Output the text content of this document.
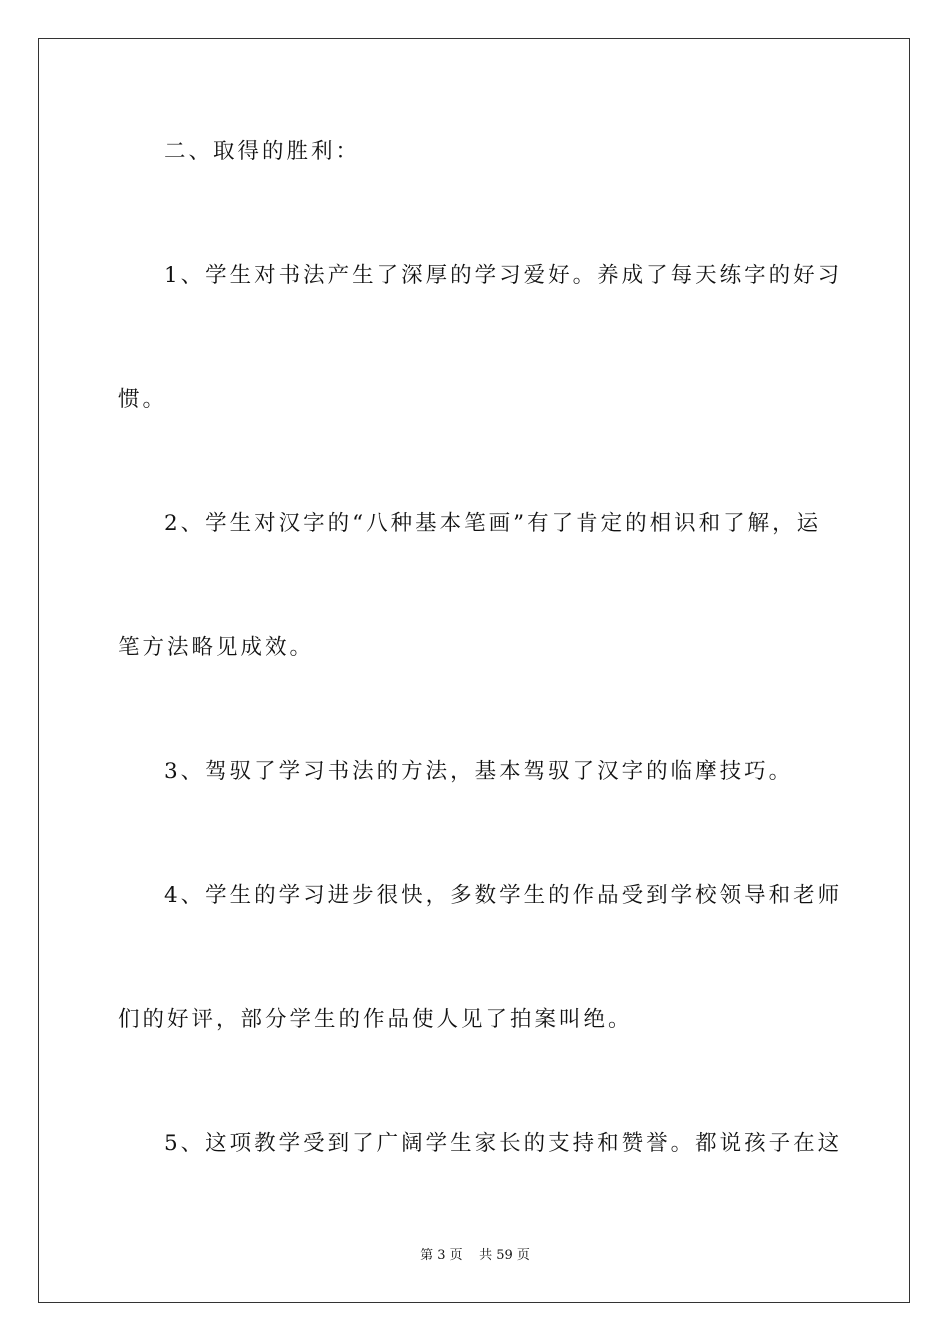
二、取得的胜利：
1、学生对书法产生了深厚的学习爱好。养成了每天练字的好习
惯。
2、学生对汉字的“八种基本笔画”有了肯定的相识和了解，运
笔方法略见成效。
3、驾驭了学习书法的方法，基本驾驭了汉字的临摩技巧。
4、学生的学习进步很快，多数学生的作品受到学校领导和老师
们的好评，部分学生的作品使人见了拍案叫绝。
5、这项教学受到了广阔学生家长的支持和赞誉。都说孩子在这
第 3 页    共 59 页
